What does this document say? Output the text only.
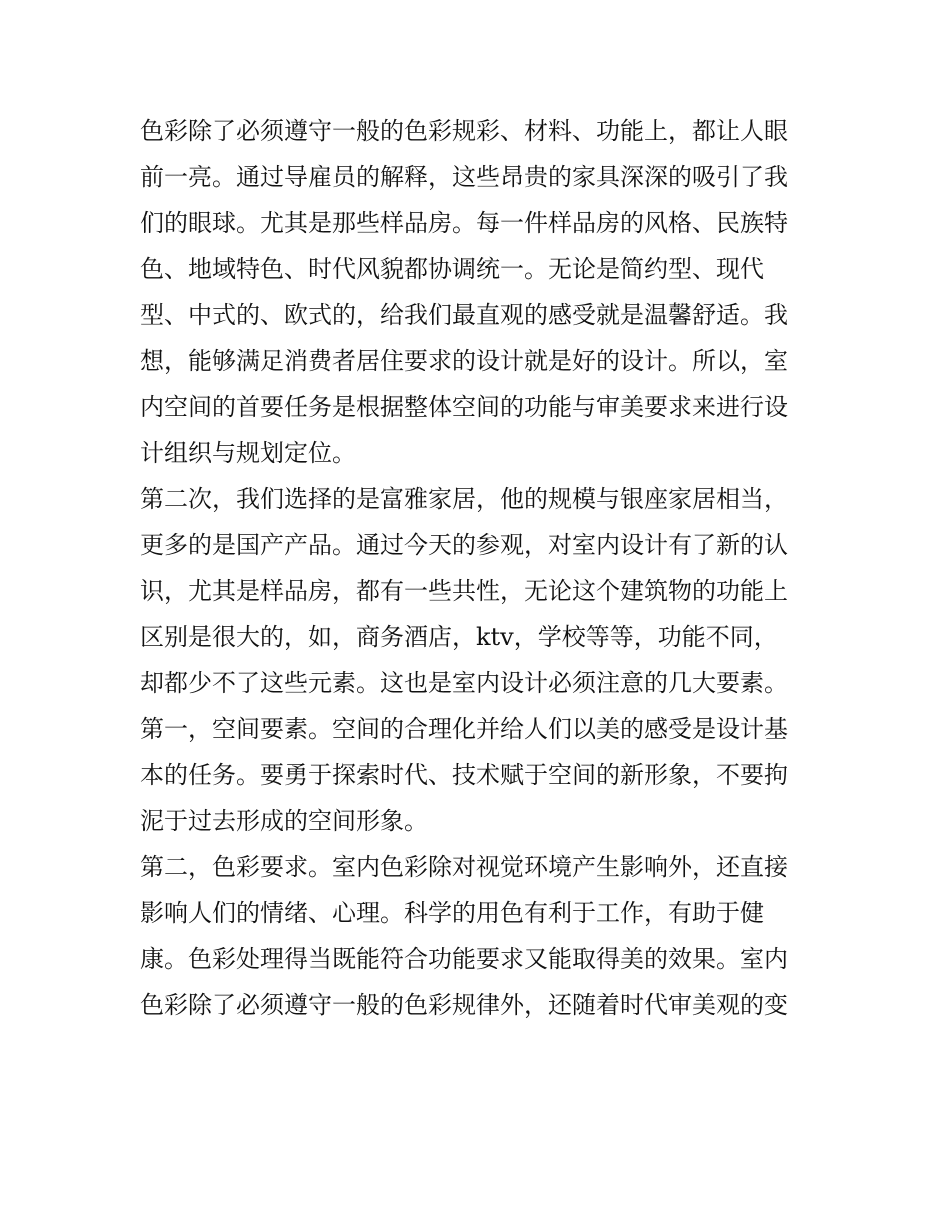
色彩除了必须遵守一般的色彩规彩、材料、功能上，都让人眼
前一亮。通过导雇员的解释，这些昂贵的家具深深的吸引了我
们的眼球。尤其是那些样品房。每一件样品房的风格、民族特
色、地域特色、时代风貌都协调统一。无论是简约型、现代
型、中式的、欧式的，给我们最直观的感受就是温馨舒适。我
想，能够满足消费者居住要求的设计就是好的设计。所以，室
内空间的首要任务是根据整体空间的功能与审美要求来进行设
计组织与规划定位。
第二次，我们选择的是富雅家居，他的规模与银座家居相当，
更多的是国产产品。通过今天的参观，对室内设计有了新的认
识，尤其是样品房，都有一些共性，无论这个建筑物的功能上
区别是很大的，如，商务酒店，ktv，学校等等，功能不同，
却都少不了这些元素。这也是室内设计必须注意的几大要素。
第一，空间要素。空间的合理化并给人们以美的感受是设计基
本的任务。要勇于探索时代、技术赋于空间的新形象，不要拘
泥于过去形成的空间形象。
第二，色彩要求。室内色彩除对视觉环境产生影响外，还直接
影响人们的情绪、心理。科学的用色有利于工作，有助于健
康。色彩处理得当既能符合功能要求又能取得美的效果。室内
色彩除了必须遵守一般的色彩规律外，还随着时代审美观的变
